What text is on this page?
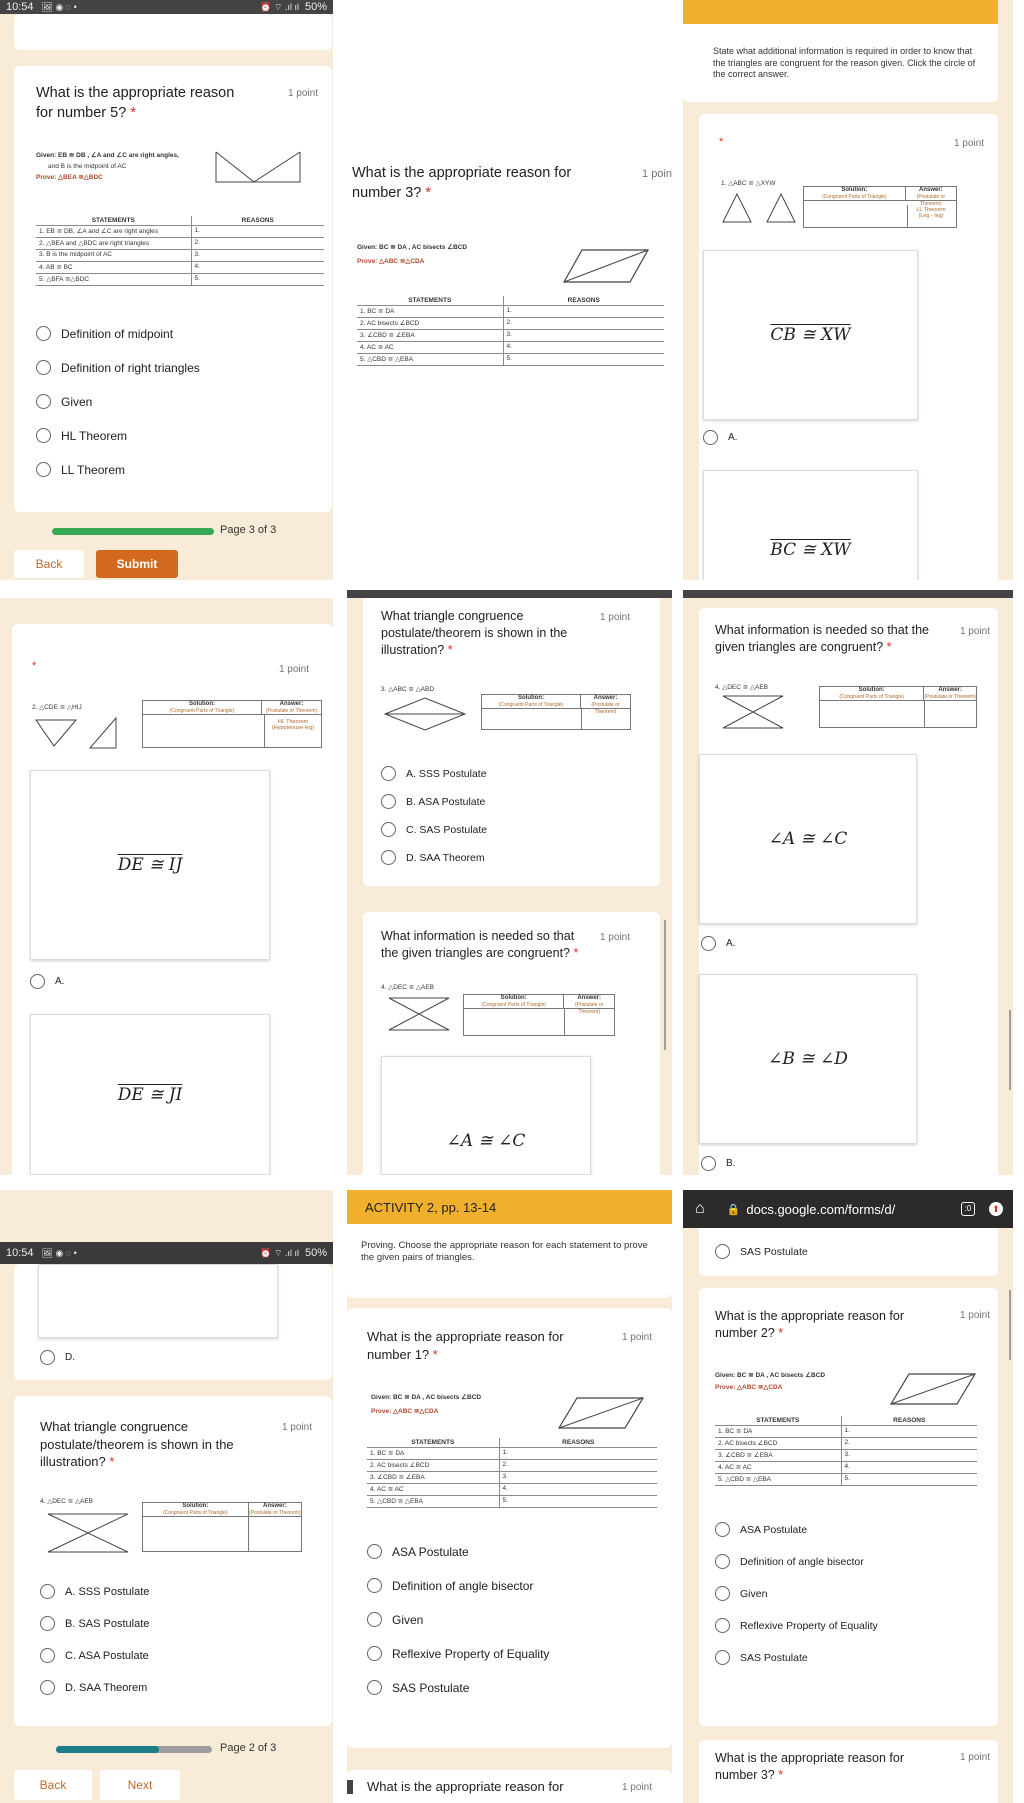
10:54 🖼 ◉ ◌ •	⏰ ⌔ .ıl ıl 50%
What is the appropriate reason for number 5? *
1 point
Given: EB ≅ DB , ∠A and ∠C are right angles,
and B is the midpoint of AC
Prove: △BEA ≅△BDC
STATEMENTS	REASONS
1. EB ≅ DB, ∠A and ∠C are right angles	1.
2. △BEA and △BDC are right triangles	2.
3. B is the midpoint of AC	3.
4. AB ≅ BC	4.
5. △BFA ≅△BDC	5.
Definition of midpoint
Definition of right triangles
Given
HL Theorem
LL Theorem
Page 3 of 3
Back	Submit
What is the appropriate reason for number 3? *
1 poin
Given: BC ≅ DA , AC bisects ∠BCD
Prove: △ABC ≅△CDA
STATEMENTS	REASONS
1. BC ≅ DA	1.
2. AC bisects ∠BCD	2.
3. ∠CBD ≅ ∠EBA	3.
4. AC ≅ AC	4.
5. △CBD ≅ △EBA	5.
State what additional information is required in order to know that the triangles are congruent for the reason given. Click the circle of the correct answer.
*	1 point
1. △ABC ≅ △XYW
Solution:
(Congruent Parts of Triangle)
Answer:
(Postulate or Theorem)
LL Theorem
(Leg - leg)
CB ≅ XW
A.
BC ≅ XW
*	1 point
2. △CDE ≅ △HIJ	Solution:
(Congruent Parts of Triangle)
Answer:
(Postulate or Theorem)
HL Theorem
(Hypotenuse-leg)
DE ≅ IJ
A.
DE ≅ JI
What triangle congruence postulate/theorem is shown in the illustration? *
1 point
3. △ABC ≅ △ABD
Solution:
(Congruent Parts of Triangle)
Answer:
(Postulate or Theorem)
A. SSS Postulate
B. ASA Postulate
C. SAS Postulate
D. SAA Theorem
What information is needed so that the given triangles are congruent? *
1 point
4. △DEC ≅ △AEB
Solution:
(Congruent Parts of Triangle)
Answer:
(Postulate or Theorem)
∠A ≅ ∠C
What information is needed so that the given triangles are congruent? *
1 point
4. △DEC ≅ △AEB	Solution:
(Congruent Parts of Triangle)
Answer:
(Postulate or Theorem)
∠A ≅ ∠C
A.
∠B ≅ ∠D
B.
10:54 🖼 ◉ ◌ •	⏰ ⌔ .ıl ıl 50%
D.
What triangle congruence postulate/theorem is shown in the illustration? *
1 point
4. △DEC ≅ △AEB
Solution:
(Congruent Parts of Triangle)
Answer:
(Postulate or Theorem)
A. SSS Postulate
B. SAS Postulate
C. ASA Postulate
D. SAA Theorem
Page 2 of 3
Back	Next
ACTIVITY 2, pp. 13-14
Proving. Choose the appropriate reason for each statement to prove the given pairs of triangles.
What is the appropriate reason for number 1? *
1 point
Given: BC ≅ DA , AC bisects ∠BCD
Prove: △ABC ≅△CDA
STATEMENTS	REASONS
1. BC ≅ DA	1.
2. AC bisects ∠BCD	2.
3. ∠CBD ≅ ∠EBA	3.
4. AC ≅ AC	4.
5. △CBD ≅ △EBA	5.
ASA Postulate
Definition of angle bisector
Given
Reflexive Property of Equality
SAS Postulate
What is the appropriate reason for	1 point
⌂ 🔒 docs.google.com/forms/d/	:0	⬆
SAS Postulate
What is the appropriate reason for number 2? *
1 point
Given: BC ≅ DA , AC bisects ∠BCD
Prove: △ABC ≅△CDA
STATEMENTS	REASONS
1. BC ≅ DA	1.
2. AC bisects ∠BCD	2.
3. ∠CBD ≅ ∠EBA	3.
4. AC ≅ AC	4.
5. △CBD ≅ △EBA	5.
ASA Postulate
Definition of angle bisector
Given
Reflexive Property of Equality
SAS Postulate
What is the appropriate reason for number 3? *
1 point
